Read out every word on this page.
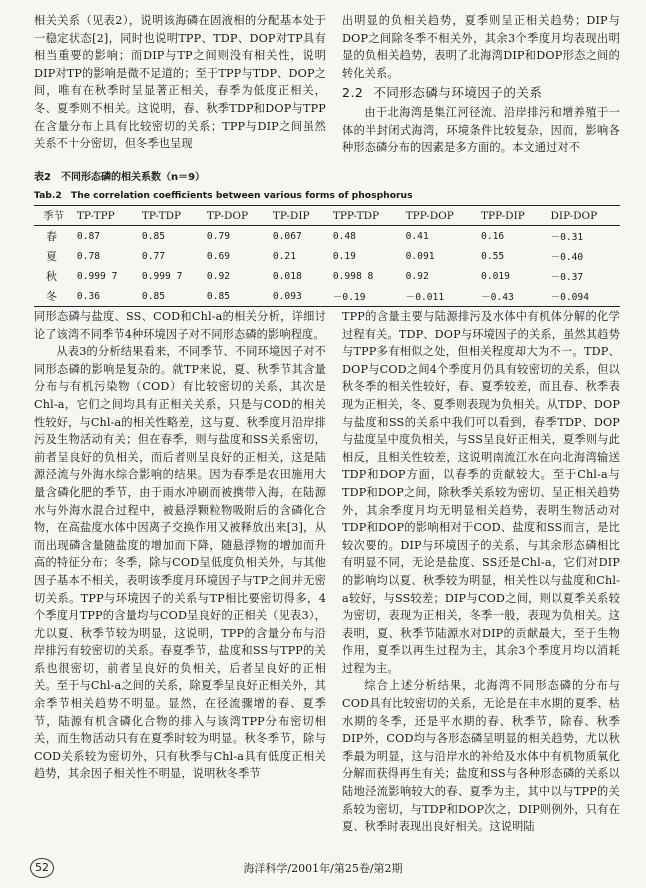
相关关系（见表2），说明该海磷在固液相的分配基本处于一稳定状态[2]，同时也说明TPP、TDP、DOP对TP具有相当重要的影响；而DIP与TP之间则没有相关性，说明DIP对TP的影响是微不足道的；至于TPP与TDP、DOP之间，唯有在秋季时呈显著正相关，春季为低度正相关，冬、夏季则不相关。这说明，春、秋季TDP和DOP与TPP在含量分布上具有比较密切的关系；TPP与DIP之间虽然关系不十分密切，但冬季也呈现

出明显的负相关趋势，夏季则呈正相关趋势；DIP与DOP之间除冬季不相关外，其余3个季度月均表现出明显的负相关趋势，表明了北海湾DIP和DOP形态之间的转化关系。

2.2 不同形态磷与环境因子的关系

由于北海湾是集江河径流、沿岸排污和增养殖于一体的半封闭式海湾，环境条件比较复杂，因而，影响各种形态磷分布的因素是多方面的。本文通过对不

表2　不同形态磷的相关系数（n＝9）
Tab.2　The correlation coefficients between various forms of phosphorus
季节	TP-TPP	TP-TDP	TP-DOP	TP-DIP	TPP-TDP	TPP-DOP	TPP-DIP	DIP-DOP
春	0.87	0.85	0.79	0.067	0.48	0.41	0.16	－0.31
夏	0.78	0.77	0.69	0.21	0.19	0.091	0.55	－0.40
秋	0.999 7	0.999 7	0.92	0.018	0.998 8	0.92	0.019	－0.37
冬	0.36	0.85	0.85	0.093	－0.19	－0.011	－0.43	－0.094

同形态磷与盐度、SS、COD和Chl-a的相关分析，详细讨论了该湾不同季节4种环境因子对不同形态磷的影响程度。

从表3的分析结果看来，不同季节、不同环境因子对不同形态磷的影响是复杂的。就TP来说，夏、秋季节其含量分布与有机污染物（COD）有比较密切的关系，其次是Chl-a，它们之间均具有正相关关系，只是与COD的相关性较好，与Chl-a的相关性略差，这与夏、秋季度月沿岸排污及生物活动有关；但在春季，则与盐度和SS关系密切，前者呈良好的负相关，而后者则呈良好的正相关，这是陆源泾流与外海水综合影响的结果。因为春季是农田施用大量含磷化肥的季节，由于雨水冲刷而被携带入海，在陆源水与外海水混合过程中，被悬浮颗粒物吸附后的含磷化合物，在高盐度水体中因离子交换作用又被释放出来[3]，从而出现磷含量随盐度的增加而下降，随悬浮物的增加而升高的特征分布；冬季，除与COD呈低度负相关外，与其他因子基本不相关，表明该季度月环境因子与TP之间并无密切关系。TPP与环境因子的关系与TP相比要密切得多，4个季度月TPP的含量均与COD呈良好的正相关（见表3），尤以夏、秋季节较为明显，这说明，TPP的含量分布与沿岸排污有较密切的关系。春夏季节，盐度和SS与TPP的关系也很密切，前者呈良好的负相关，后者呈良好的正相关。至于与Chl-a之间的关系，除夏季呈良好正相关外，其余季节相关趋势不明显。显然，在径流骤增的春、夏季节，陆源有机含磷化合物的排入与该湾TPP分布密切相关，而生物活动只有在夏季时较为明显。秋冬季节，除与COD关系较为密切外，只有秋季与Chl-a具有低度正相关趋势，其余因子相关性不明显，说明秋冬季节

TPP的含量主要与陆源排污及水体中有机体分解的化学过程有关。TDP、DOP与环境因子的关系，虽然其趋势与TPP多有相似之处，但相关程度却大为不一。TDP、DOP与COD之间4个季度月仍具有较密切的关系，但以秋冬季的相关性较好，春、夏季较差，而且春、秋季表现为正相关，冬、夏季则表现为负相关。从TDP、DOP与盐度和SS的关系中我们可以看到，春季TDP、DOP与盐度呈中度负相关，与SS呈良好正相关，夏季则与此相反，且相关性较差，这说明南流江水在向北海湾输送TDP和DOP方面，以春季的贡献较大。至于Chl-a与TDP和DOP之间，除秋季关系较为密切、呈正相关趋势外，其余季度月均无明显相关趋势，表明生物活动对TDP和DOP的影响相对于COD、盐度和SS而言，是比较次要的。DIP与环境因子的关系，与其余形态磷相比有明显不同，无论是盐度、SS还是Chl-a，它们对DIP的影响均以夏、秋季较为明显，相关性以与盐度和Chl-a较好，与SS较差；DIP与COD之间，则以夏季关系较为密切，表现为正相关，冬季一般，表现为负相关。这表明，夏、秋季节陆源水对DIP的贡献最大，至于生物作用，夏季以再生过程为主，其余3个季度月均以消耗过程为主。

综合上述分析结果，北海湾不同形态磷的分布与COD具有比较密切的关系，无论是在丰水期的夏季、枯水期的冬季，还是平水期的春、秋季节，除春、秋季DIP外，COD均与各形态磷呈明显的相关趋势，尤以秋季最为明显，这与沿岸水的补给及水体中有机物质氧化分解而获得再生有关；盐度和SS与各种形态磷的关系以陆地泾流影响较大的春、夏季为主，其中以与TPP的关系较为密切，与TDP和DOP次之，DIP则例外，只有在夏、秋季时表现出良好相关。这说明陆

52	海洋科学/2001年/第25卷/第2期
